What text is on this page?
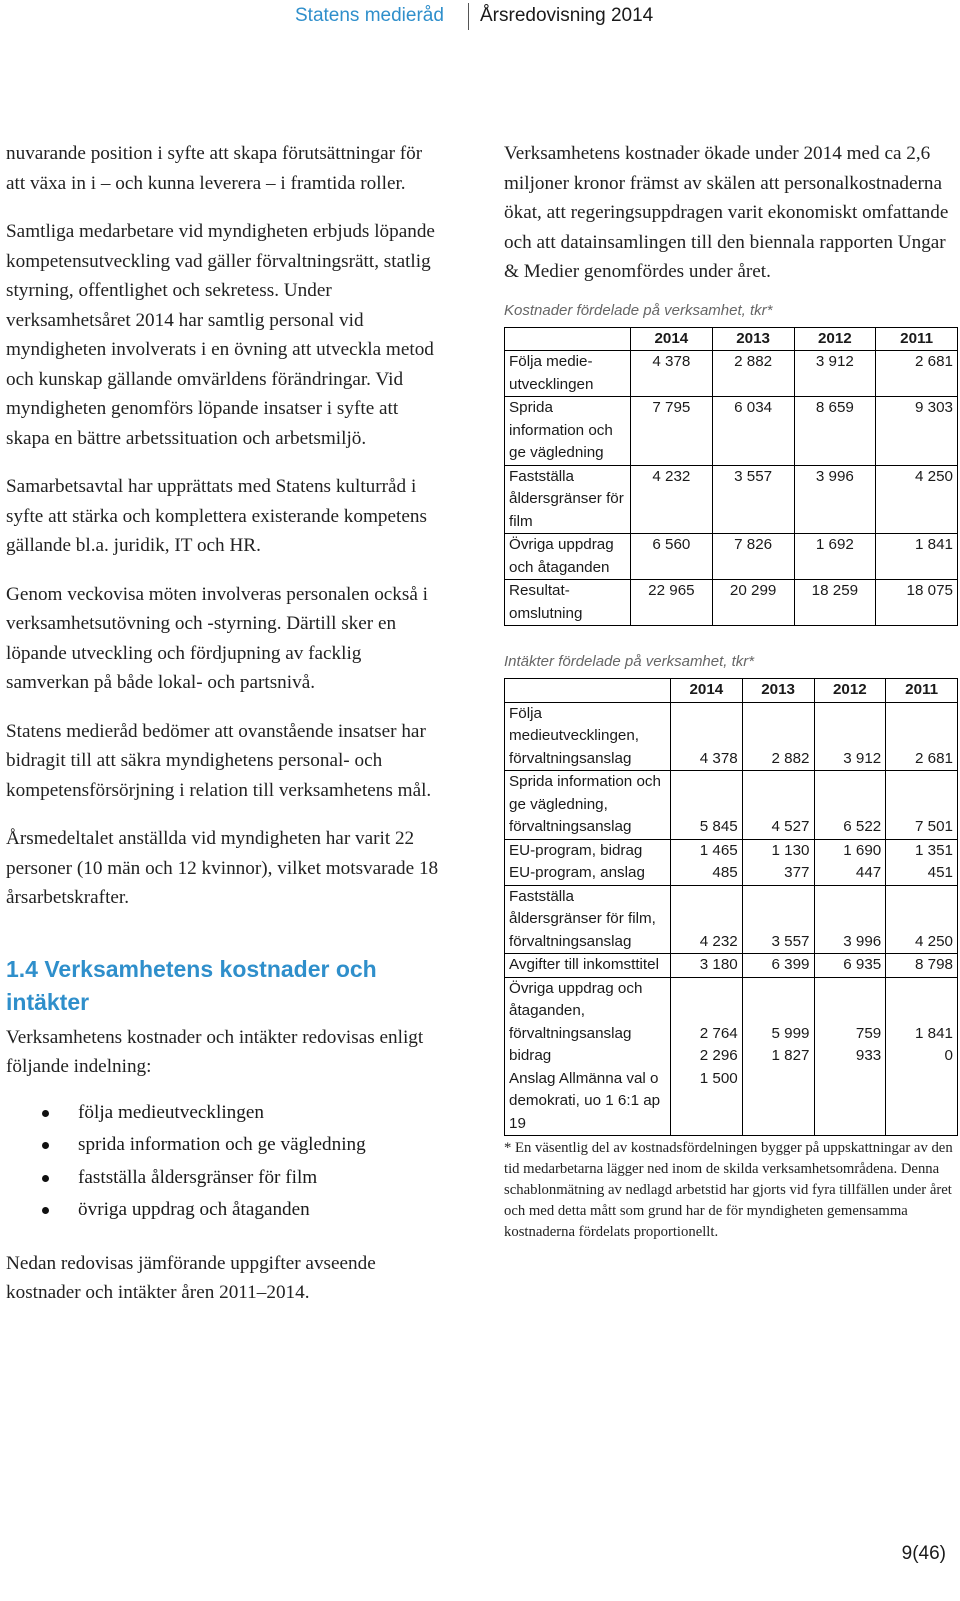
Statens medieråd Årsredovisning 2014

nuvarande position i syfte att skapa förutsättningar för att växa in i – och kunna leverera – i framtida roller.

Samtliga medarbetare vid myndigheten erbjuds löpande kompetensutveckling vad gäller förvaltningsrätt, statlig styrning, offentlighet och sekretess. Under verksamhetsåret 2014 har samtlig personal vid myndigheten involverats i en övning att utveckla metod och kunskap gällande omvärldens förändringar. Vid myndigheten genomförs löpande insatser i syfte att skapa en bättre arbetssituation och arbetsmiljö.

Samarbetsavtal har upprättats med Statens kulturråd i syfte att stärka och komplettera existerande kompetens gällande bl.a. juridik, IT och HR.

Genom veckovisa möten involveras personalen också i verksamhetsutövning och -styrning. Därtill sker en löpande utveckling och fördjupning av facklig samverkan på både lokal- och partsnivå.

Statens medieråd bedömer att ovanstående insatser har bidragit till att säkra myndighetens personal- och kompetensförsörjning i relation till verksamhetens mål.

Årsmedeltalet anställda vid myndigheten har varit 22 personer (10 män och 12 kvinnor), vilket motsvarade 18 årsarbetskrafter.

1.4 Verksamhetens kostnader och intäkter

Verksamhetens kostnader och intäkter redovisas enligt följande indelning:

följa medieutvecklingen
sprida information och ge vägledning
fastställa åldersgränser för film
övriga uppdrag och åtaganden

Nedan redovisas jämförande uppgifter avseende kostnader och intäkter åren 2011–2014.

Verksamhetens kostnader ökade under 2014 med ca 2,6 miljoner kronor främst av skälen att personalkostnaderna ökat, att regeringsuppdragen varit ekonomiskt omfattande och att datainsamlingen till den biennala rapporten Ungar & Medier genomfördes under året.

Kostnader fördelade på verksamhet, tkr*
	2014	2013	2012	2011
Följa medie-utvecklingen	4 378	2 882	3 912	2 681
Sprida information och ge vägledning	7 795	6 034	8 659	9 303
Fastställa åldersgränser för film	4 232	3 557	3 996	4 250
Övriga uppdrag och åtaganden	6 560	7 826	1 692	1 841
Resultat-omslutning	22 965	20 299	18 259	18 075
Intäkter fördelade på verksamhet, tkr*
	2014	2013	2012	2011
Följa medieutvecklingen, förvaltningsanslag	4 378	2 882	3 912	2 681
Sprida information och ge vägledning, förvaltningsanslag	5 845	4 527	6 522	7 501
EU-program, bidrag	1 465	1 130	1 690	1 351
EU-program, anslag	485	377	447	451
Fastställa åldersgränser för film, förvaltningsanslag	4 232	3 557	3 996	4 250
Avgifter till inkomsttitel	3 180	6 399	6 935	8 798
Övriga uppdrag och åtaganden, förvaltningsanslag	2 764	5 999	759	1 841
bidrag	2 296	1 827	933	0
Anslag Allmänna val o demokrati, uo 1 6:1 ap 19	1 500			

* En väsentlig del av kostnadsfördelningen bygger på uppskattningar av den tid medarbetarna lägger ned inom de skilda verksamhetsområdena. Denna schablonmätning av nedlagd arbetstid har gjorts vid fyra tillfällen under året och med detta mått som grund har de för myndigheten gemensamma kostnaderna fördelats proportionellt.

9(46)
